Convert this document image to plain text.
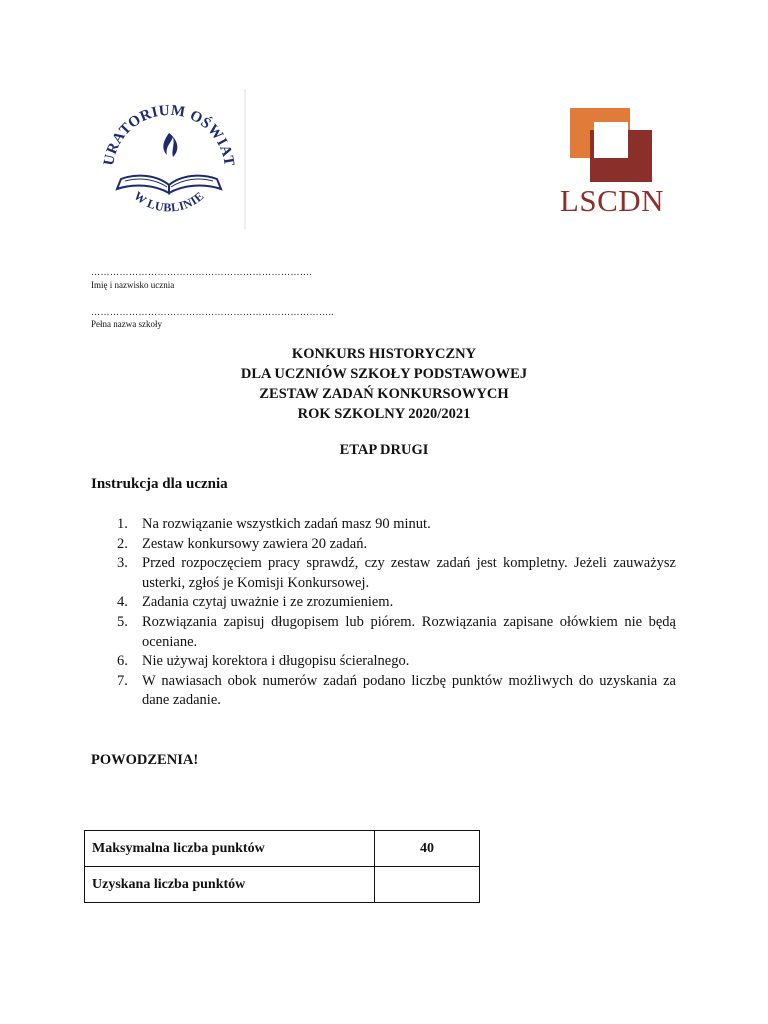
URATORIUM OŚWIAT
W LUBLINIE	LSCDN
…………………………………………………………….
Imię i nazwisko ucznia
…………………………………………………………………..
Pełna nazwa szkoły
KONKURS HISTORYCZNY
DLA UCZNIÓW SZKOŁY PODSTAWOWEJ
ZESTAW ZADAŃ KONKURSOWYCH
ROK SZKOLNY 2020/2021
ETAP DRUGI
Instrukcja dla ucznia
1. Na rozwiązanie wszystkich zadań masz 90 minut.
2. Zestaw konkursowy zawiera 20 zadań.
3. Przed rozpoczęciem pracy sprawdź, czy zestaw zadań jest kompletny. Jeżeli zauważysz usterki, zgłoś je Komisji Konkursowej.
4. Zadania czytaj uważnie i ze zrozumieniem.
5. Rozwiązania zapisuj długopisem lub piórem. Rozwiązania zapisane ołówkiem nie będą oceniane.
6. Nie używaj korektora i długopisu ścieralnego.
7. W nawiasach obok numerów zadań podano liczbę punktów możliwych do uzyskania za dane zadanie.
POWODZENIA!
Maksymalna liczba punktów	40
Uzyskana liczba punktów	
